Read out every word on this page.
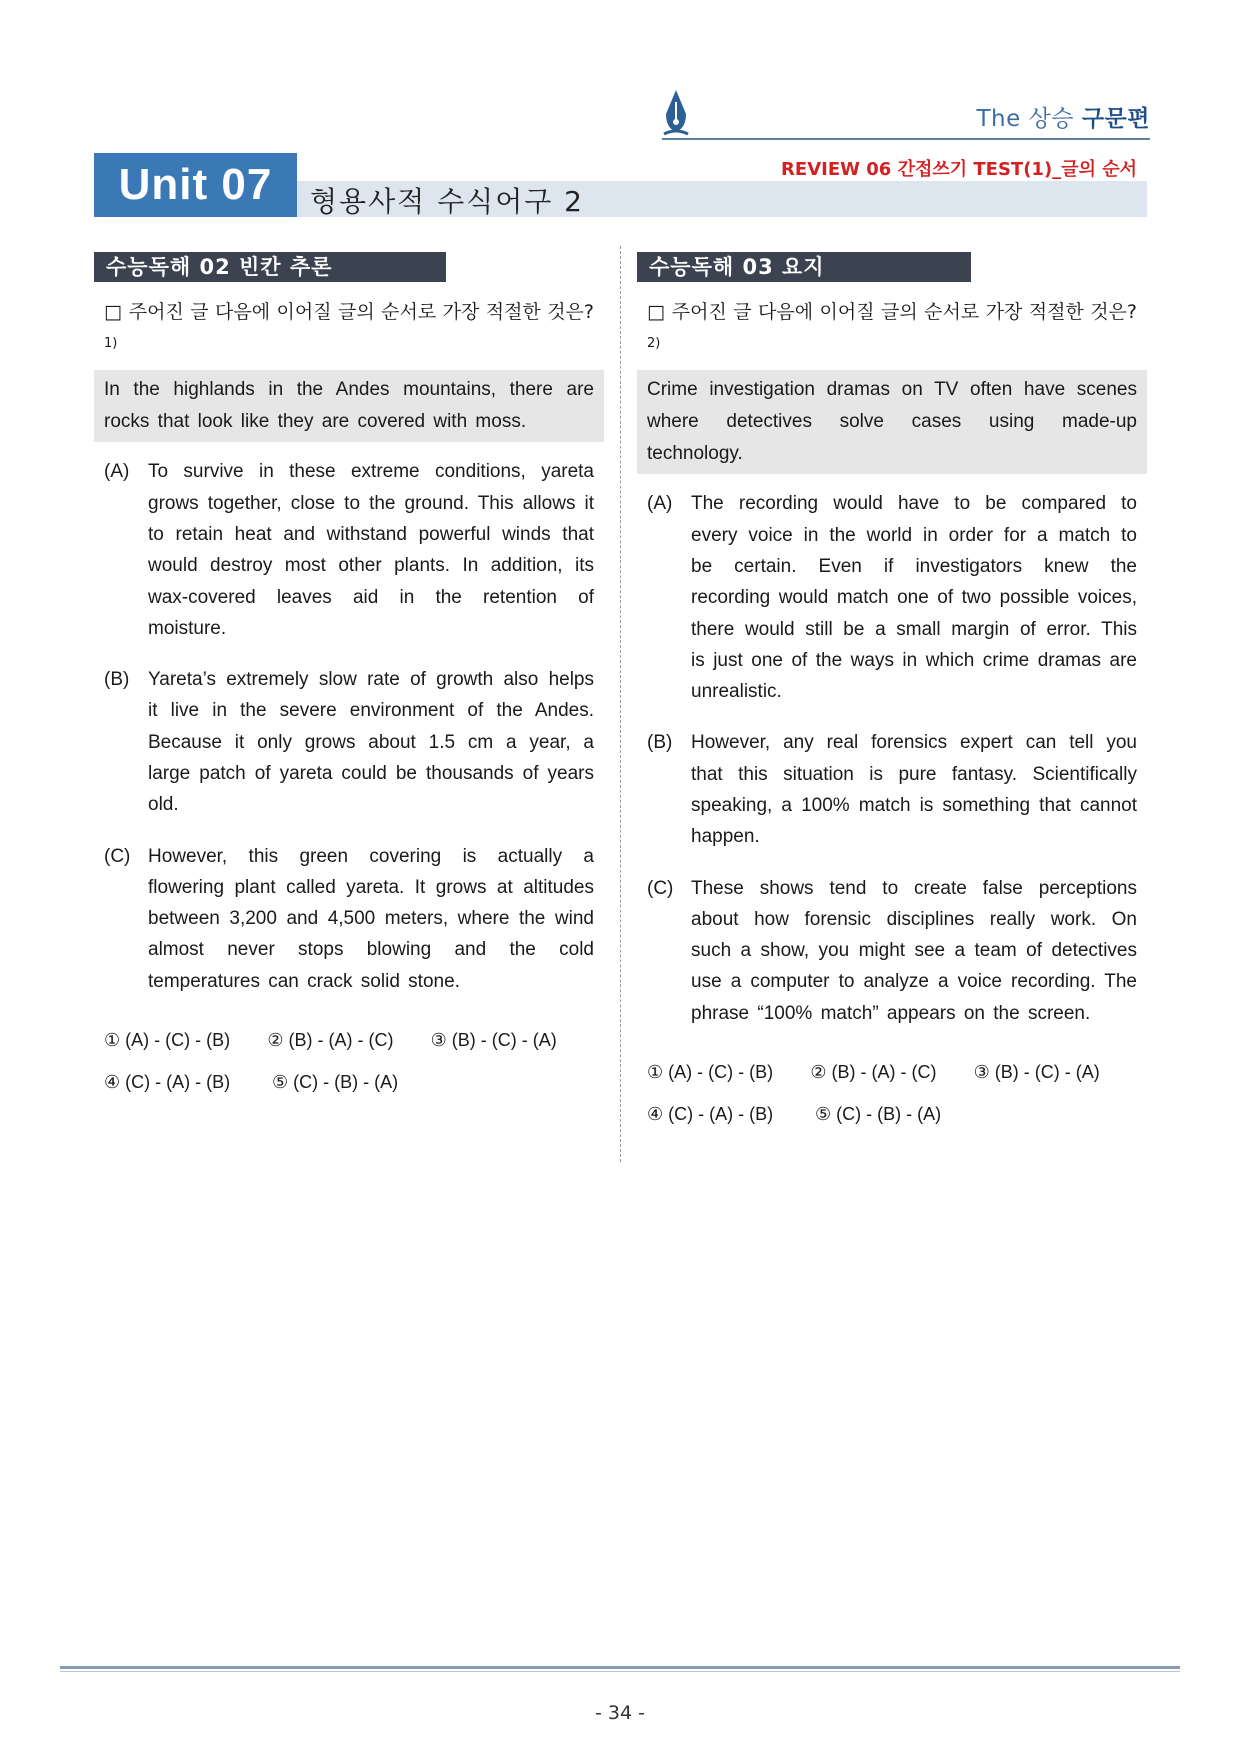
The 상승 구문편
Unit 07	형용사적 수식어구 2
REVIEW 06 간접쓰기 TEST(1)_글의 순서
수능독해 02 빈칸 추론
□ 주어진 글 다음에 이어질 글의 순서로 가장 적절한 것은?$^{1)}$
In the highlands in the Andes mountains, there are rocks that look like they are covered with moss.
(A) To survive in these extreme conditions, yareta grows together, close to the ground. This allows it to retain heat and withstand powerful winds that would destroy most other plants. In addition, its wax-covered leaves aid in the retention of moisture.
(B) Yareta’s extremely slow rate of growth also helps it live in the severe environment of the Andes. Because it only grows about 1.5 cm a year, a large patch of yareta could be thousands of years old.
(C) However, this green covering is actually a flowering plant called yareta. It grows at altitudes between 3,200 and 4,500 meters, where the wind almost never stops blowing and the cold temperatures can crack solid stone.
① (A) - (C) - (B)	② (B) - (A) - (C)	③ (B) - (C) - (A)
④ (C) - (A) - (B)	⑤ (C) - (B) - (A)
수능독해 03 요지
□ 주어진 글 다음에 이어질 글의 순서로 가장 적절한 것은?$^{2)}$
Crime investigation dramas on TV often have scenes where detectives solve cases using made-up technology.
(A) The recording would have to be compared to every voice in the world in order for a match to be certain. Even if investigators knew the recording would match one of two possible voices, there would still be a small margin of error. This is just one of the ways in which crime dramas are unrealistic.
(B) However, any real forensics expert can tell you that this situation is pure fantasy. Scientifically speaking, a 100% match is something that cannot happen.
(C) These shows tend to create false perceptions about how forensic disciplines really work. On such a show, you might see a team of detectives use a computer to analyze a voice recording. The phrase “100% match” appears on the screen.
① (A) - (C) - (B)	② (B) - (A) - (C)	③ (B) - (C) - (A)
④ (C) - (A) - (B)	⑤ (C) - (B) - (A)
- 34 -
